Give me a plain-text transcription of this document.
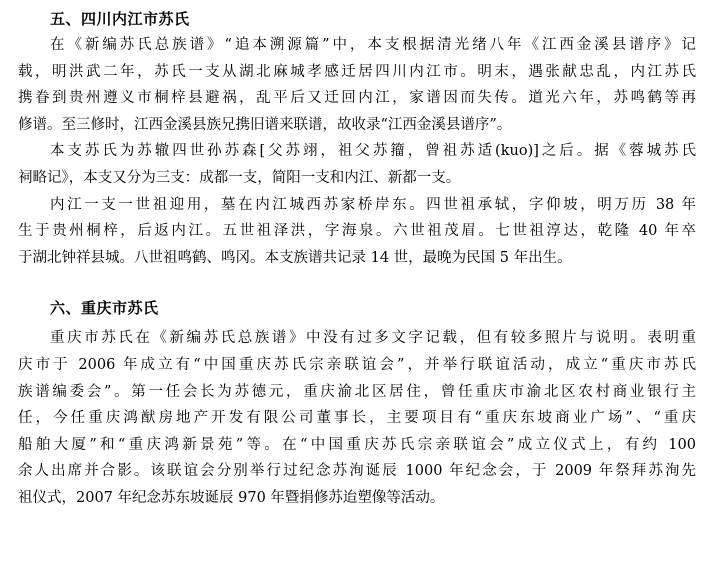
五、四川内江市苏氏

在《新编苏氏总族谱》“追本溯源篇”中，本支根据清光绪八年《江西金溪县谱序》记
载，明洪武二年，苏氏一支从湖北麻城孝感迁居四川内江市。明末，遇张献忠乱，内江苏氏
携眷到贵州遵义市桐梓县避祸，乱平后又迁回内江，家谱因而失传。道光六年，苏鸣鹤等再
修谱。至三修时，江西金溪县族兄携旧谱来联谱，故收录“江西金溪县谱序”。

本支苏氏为苏辙四世孙苏森[父苏翊，祖父苏籀，曾祖苏适(kuo)]之后。据《蓉城苏氏
祠略记》，本支又分为三支：成都一支，简阳一支和内江、新都一支。

内江一支一世祖迎用，墓在内江城西苏家桥岸东。四世祖承轼，字仰坡，明万历 38 年
生于贵州桐梓，后返内江。五世祖泽洪，字海泉。六世祖茂眉。七世祖淳达，乾隆 40 年卒
于湖北钟祥县城。八世祖鸣鹤、鸣冈。本支族谱共记录 14 世，最晚为民国 5 年出生。

六、重庆市苏氏

重庆市苏氏在《新编苏氏总族谱》中没有过多文字记载，但有较多照片与说明。表明重
庆市于 2006 年成立有“中国重庆苏氏宗亲联谊会”，并举行联谊活动，成立“重庆市苏氏
族谱编委会”。第一任会长为苏德元，重庆渝北区居住，曾任重庆市渝北区农村商业银行主
任，今任重庆鸿猷房地产开发有限公司董事长，主要项目有“重庆东坡商业广场”、“重庆
船舶大厦”和“重庆鸿新景苑”等。在“中国重庆苏氏宗亲联谊会”成立仪式上，有约 100
余人出席并合影。该联谊会分别举行过纪念苏洵诞辰 1000 年纪念会，于 2009 年祭拜苏洵先
祖仪式，2007 年纪念苏东坡诞辰 970 年暨捐修苏迨塑像等活动。
